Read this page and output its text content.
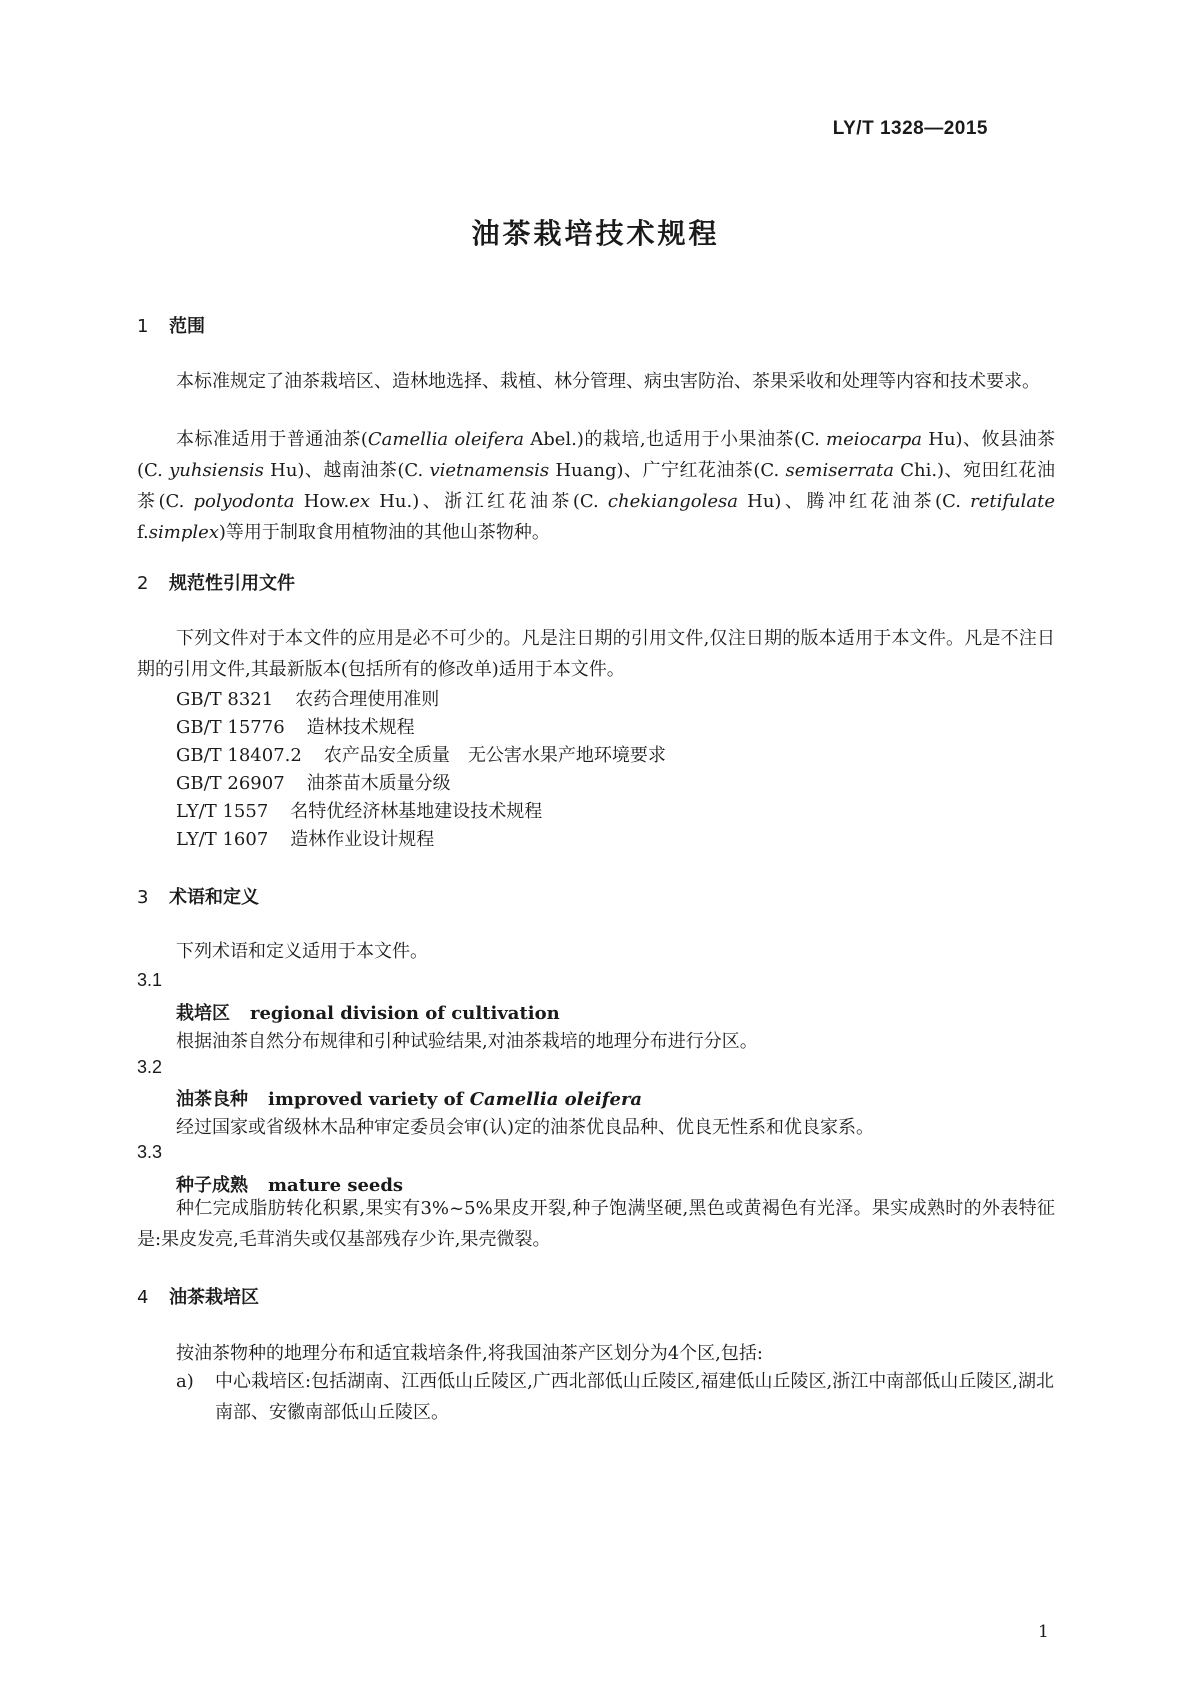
LY/T 1328—2015
油茶栽培技术规程
1 范围
本标准规定了油茶栽培区、造林地选择、栽植、林分管理、病虫害防治、茶果采收和处理等内容和技术要求。
本标准适用于普通油茶(Camellia oleifera Abel.)的栽培,也适用于小果油茶(C. meiocarpa Hu)、攸县油茶(C. yuhsiensis Hu)、越南油茶(C. vietnamensis Huang)、广宁红花油茶(C. semiserrata Chi.)、宛田红花油茶(C. polyodonta How.ex Hu.)、浙江红花油茶(C. chekiangolesa Hu)、腾冲红花油茶(C. retifulate f.simplex)等用于制取食用植物油的其他山茶物种。
2 规范性引用文件
下列文件对于本文件的应用是必不可少的。凡是注日期的引用文件,仅注日期的版本适用于本文件。凡是不注日期的引用文件,其最新版本(包括所有的修改单)适用于本文件。
GB/T 8321 农药合理使用准则
GB/T 15776 造林技术规程
GB/T 18407.2 农产品安全质量　无公害水果产地环境要求
GB/T 26907 油茶苗木质量分级
LY/T 1557 名特优经济林基地建设技术规程
LY/T 1607 造林作业设计规程
3 术语和定义
下列术语和定义适用于本文件。
3.1
栽培区 regional division of cultivation
根据油茶自然分布规律和引种试验结果,对油茶栽培的地理分布进行分区。
3.2
油茶良种 improved variety of Camellia oleifera
经过国家或省级林木品种审定委员会审(认)定的油茶优良品种、优良无性系和优良家系。
3.3
种子成熟 mature seeds
种仁完成脂肪转化积累,果实有3%~5%果皮开裂,种子饱满坚硬,黑色或黄褐色有光泽。果实成熟时的外表特征是:果皮发亮,毛茸消失或仅基部残存少许,果壳微裂。
4 油茶栽培区
按油茶物种的地理分布和适宜栽培条件,将我国油茶产区划分为4个区,包括:
a)	中心栽培区:包括湖南、江西低山丘陵区,广西北部低山丘陵区,福建低山丘陵区,浙江中南部低山丘陵区,湖北南部、安徽南部低山丘陵区。
1
